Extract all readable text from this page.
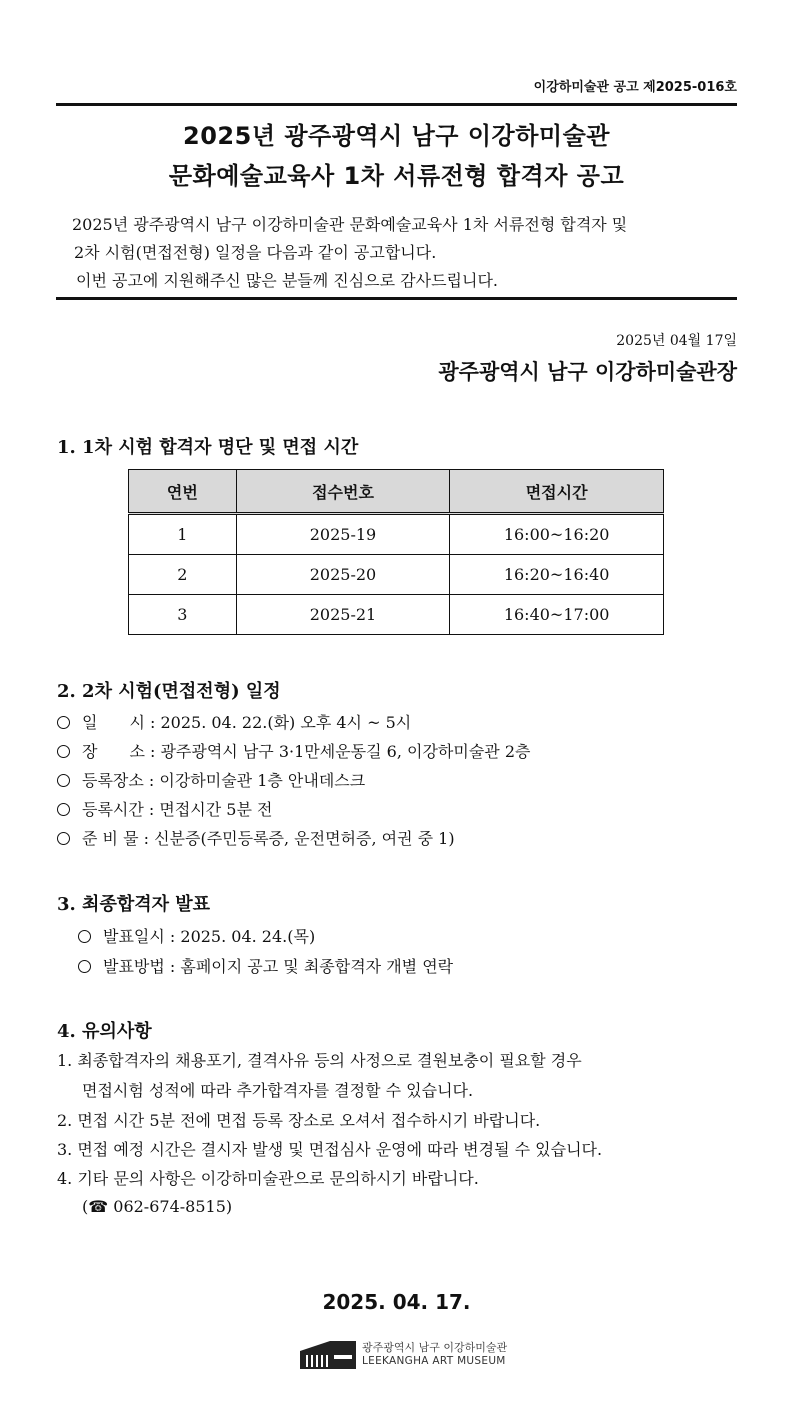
이강하미술관 공고 제2025-016호
2025년 광주광역시 남구 이강하미술관
문화예술교육사 1차 서류전형 합격자 공고
2025년 광주광역시 남구 이강하미술관 문화예술교육사 1차 서류전형 합격자 및
2차 시험(면접전형) 일정을 다음과 같이 공고합니다.
이번 공고에 지원해주신 많은 분들께 진심으로 감사드립니다.
2025년 04월 17일
광주광역시 남구 이강하미술관장
1. 1차 시험 합격자 명단 및 면접 시간
연번	접수번호	면접시간
1	2025-19	16:00~16:20
2	2025-20	16:20~16:40
3	2025-21	16:40~17:00
2. 2차 시험(면접전형) 일정
일　　시 : 2025. 04. 22.(화) 오후 4시 ~ 5시
장　　소 : 광주광역시 남구 3·1만세운동길 6, 이강하미술관 2층
등록장소 : 이강하미술관 1층 안내데스크
등록시간 : 면접시간 5분 전
준 비 물 : 신분증(주민등록증, 운전면허증, 여권 중 1)
3. 최종합격자 발표
발표일시 : 2025. 04. 24.(목)
발표방법 : 홈페이지 공고 및 최종합격자 개별 연락
4. 유의사항
1. 최종합격자의 채용포기, 결격사유 등의 사정으로 결원보충이 필요할 경우
면접시험 성적에 따라 추가합격자를 결정할 수 있습니다.
2. 면접 시간 5분 전에 면접 등록 장소로 오셔서 접수하시기 바랍니다.
3. 면접 예정 시간은 결시자 발생 및 면접심사 운영에 따라 변경될 수 있습니다.
4. 기타 문의 사항은 이강하미술관으로 문의하시기 바랍니다.
(☎ 062-674-8515)
2025. 04. 17.
광주광역시 남구 이강하미술관
LEEKANGHA ART MUSEUM
